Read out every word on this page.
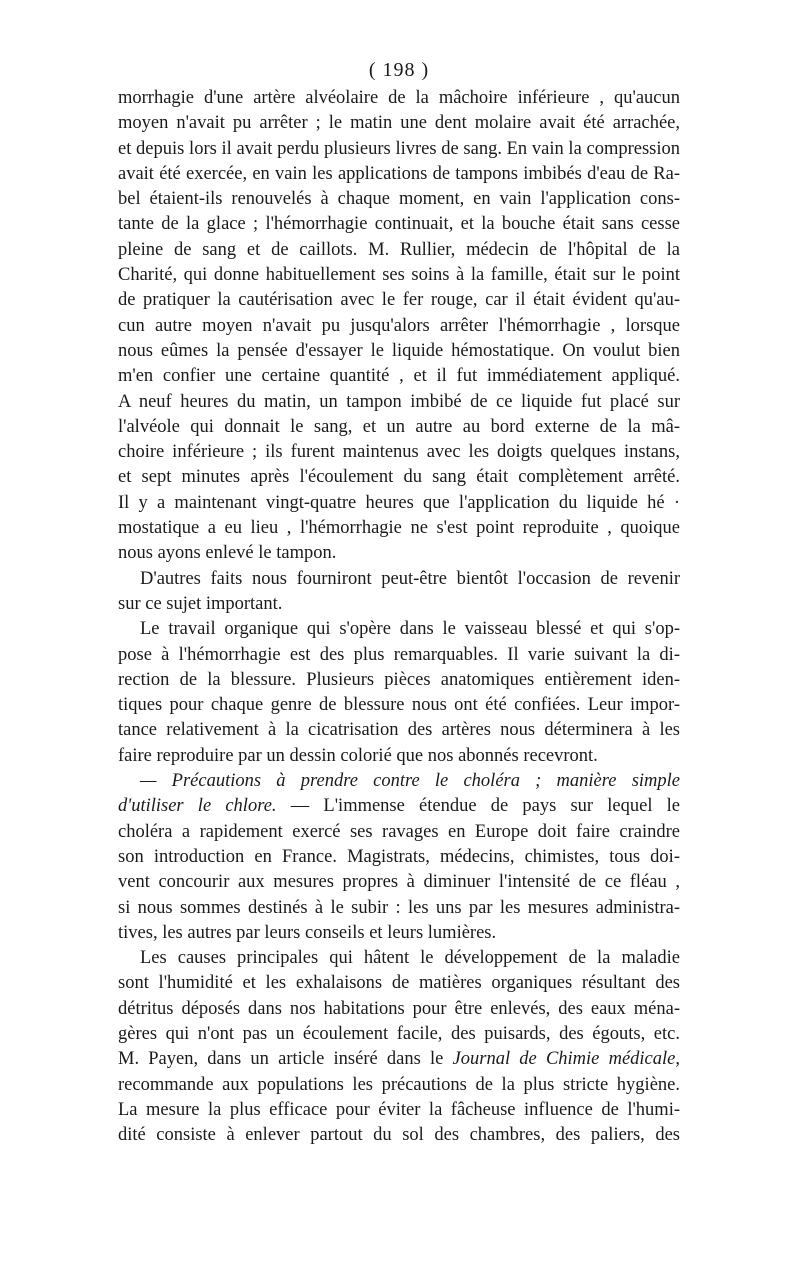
( 198 )
morrhagie d'une artère alvéolaire de la mâchoire inférieure , qu'aucun
moyen n'avait pu arrêter ; le matin une dent molaire avait été arrachée,
et depuis lors il avait perdu plusieurs livres de sang. En vain la compression
avait été exercée, en vain les applications de tampons imbibés d'eau de Ra-
bel étaient-ils renouvelés à chaque moment, en vain l'application cons-
tante de la glace ; l'hémorrhagie continuait, et la bouche était sans cesse
pleine de sang et de caillots. M. Rullier, médecin de l'hôpital de la
Charité, qui donne habituellement ses soins à la famille, était sur le point
de pratiquer la cautérisation avec le fer rouge, car il était évident qu'au-
cun autre moyen n'avait pu jusqu'alors arrêter l'hémorrhagie , lorsque
nous eûmes la pensée d'essayer le liquide hémostatique. On voulut bien
m'en confier une certaine quantité , et il fut immédiatement appliqué.
A neuf heures du matin, un tampon imbibé de ce liquide fut placé sur
l'alvéole qui donnait le sang, et un autre au bord externe de la mâ-
choire inférieure ; ils furent maintenus avec les doigts quelques instans,
et sept minutes après l'écoulement du sang était complètement arrêté.
Il y a maintenant vingt-quatre heures que l'application du liquide hé ·
mostatique a eu lieu , l'hémorrhagie ne s'est point reproduite , quoique
nous ayons enlevé le tampon.
D'autres faits nous fourniront peut-être bientôt l'occasion de revenir
sur ce sujet important.
Le travail organique qui s'opère dans le vaisseau blessé et qui s'op-
pose à l'hémorrhagie est des plus remarquables. Il varie suivant la di-
rection de la blessure. Plusieurs pièces anatomiques entièrement iden-
tiques pour chaque genre de blessure nous ont été confiées. Leur impor-
tance relativement à la cicatrisation des artères nous déterminera à les
faire reproduire par un dessin colorié que nos abonnés recevront.
— Précautions à prendre contre le choléra ; manière simple
d'utiliser le chlore. — L'immense étendue de pays sur lequel le
choléra a rapidement exercé ses ravages en Europe doit faire craindre
son introduction en France. Magistrats, médecins, chimistes, tous doi-
vent concourir aux mesures propres à diminuer l'intensité de ce fléau ,
si nous sommes destinés à le subir : les uns par les mesures administra-
tives, les autres par leurs conseils et leurs lumières.
Les causes principales qui hâtent le développement de la maladie
sont l'humidité et les exhalaisons de matières organiques résultant des
détritus déposés dans nos habitations pour être enlevés, des eaux ména-
gères qui n'ont pas un écoulement facile, des puisards, des égouts, etc.
M. Payen, dans un article inséré dans le Journal de Chimie médicale,
recommande aux populations les précautions de la plus stricte hygiène.
La mesure la plus efficace pour éviter la fâcheuse influence de l'humi-
dité consiste à enlever partout du sol des chambres, des paliers, des
